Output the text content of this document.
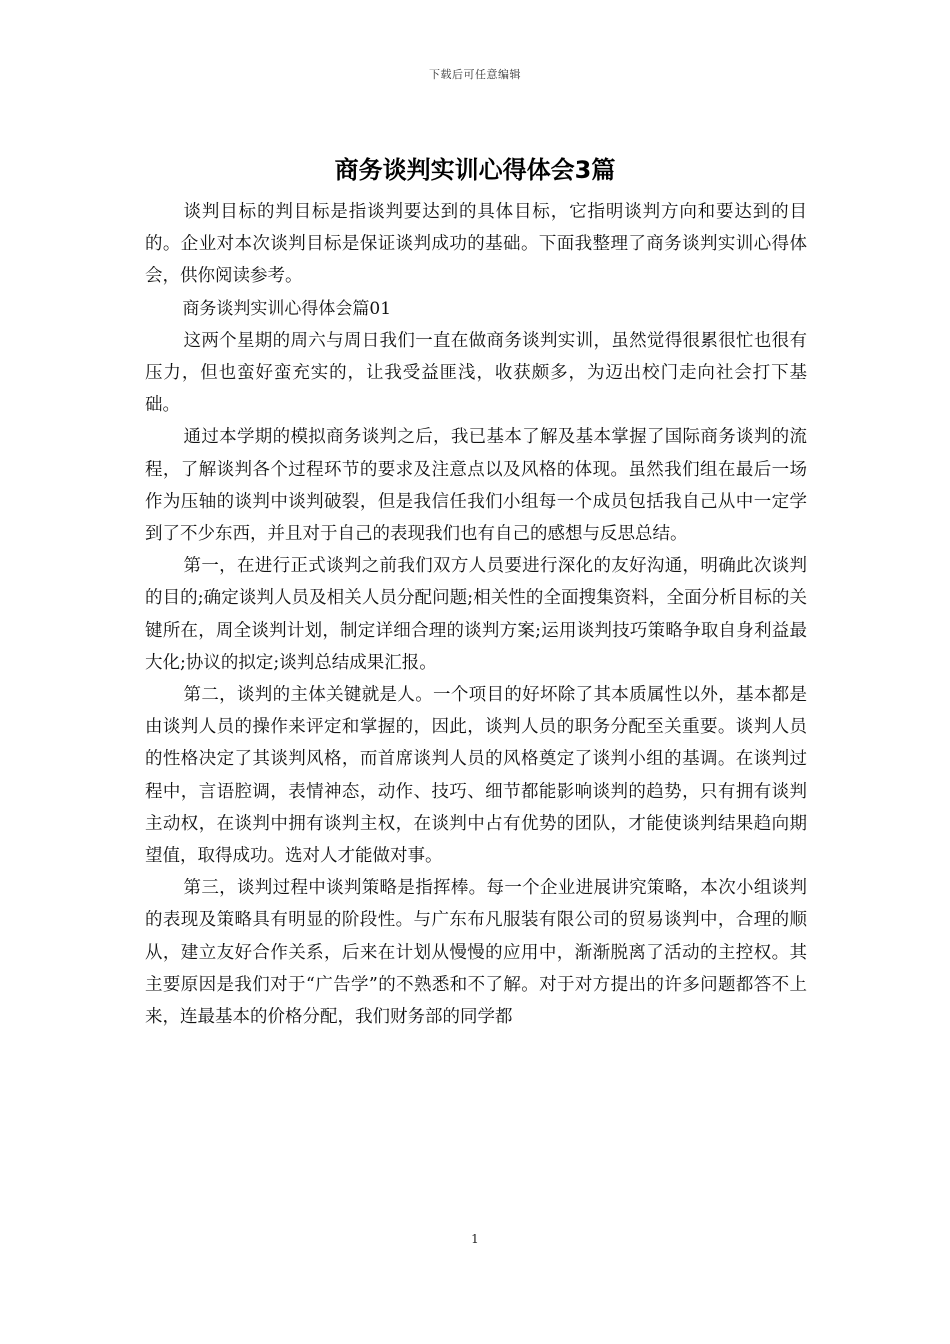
下载后可任意编辑
商务谈判实训心得体会3篇

谈判目标的判目标是指谈判要达到的具体目标，它指明谈判方向和要达到的目的。企业对本次谈判目标是保证谈判成功的基础。下面我整理了商务谈判实训心得体会，供你阅读参考。

商务谈判实训心得体会篇01

这两个星期的周六与周日我们一直在做商务谈判实训，虽然觉得很累很忙也很有压力，但也蛮好蛮充实的，让我受益匪浅，收获颇多，为迈出校门走向社会打下基础。

通过本学期的模拟商务谈判之后，我已基本了解及基本掌握了国际商务谈判的流程，了解谈判各个过程环节的要求及注意点以及风格的体现。虽然我们组在最后一场作为压轴的谈判中谈判破裂，但是我信任我们小组每一个成员包括我自己从中一定学到了不少东西，并且对于自己的表现我们也有自己的感想与反思总结。

第一，在进行正式谈判之前我们双方人员要进行深化的友好沟通，明确此次谈判的目的;确定谈判人员及相关人员分配问题;相关性的全面搜集资料，全面分析目标的关键所在，周全谈判计划，制定详细合理的谈判方案;运用谈判技巧策略争取自身利益最大化;协议的拟定;谈判总结成果汇报。

第二，谈判的主体关键就是人。一个项目的好坏除了其本质属性以外，基本都是由谈判人员的操作来评定和掌握的，因此，谈判人员的职务分配至关重要。谈判人员的性格决定了其谈判风格，而首席谈判人员的风格奠定了谈判小组的基调。在谈判过程中，言语腔调，表情神态，动作、技巧、细节都能影响谈判的趋势，只有拥有谈判主动权，在谈判中拥有谈判主权，在谈判中占有优势的团队，才能使谈判结果趋向期望值，取得成功。选对人才能做对事。

第三，谈判过程中谈判策略是指挥棒。每一个企业进展讲究策略，本次小组谈判的表现及策略具有明显的阶段性。与广东布凡服装有限公司的贸易谈判中，合理的顺从，建立友好合作关系，后来在计划从慢慢的应用中，渐渐脱离了活动的主控权。其主要原因是我们对于“广告学”的不熟悉和不了解。对于对方提出的许多问题都答不上来，连最基本的价格分配，我们财务部的同学都

1
